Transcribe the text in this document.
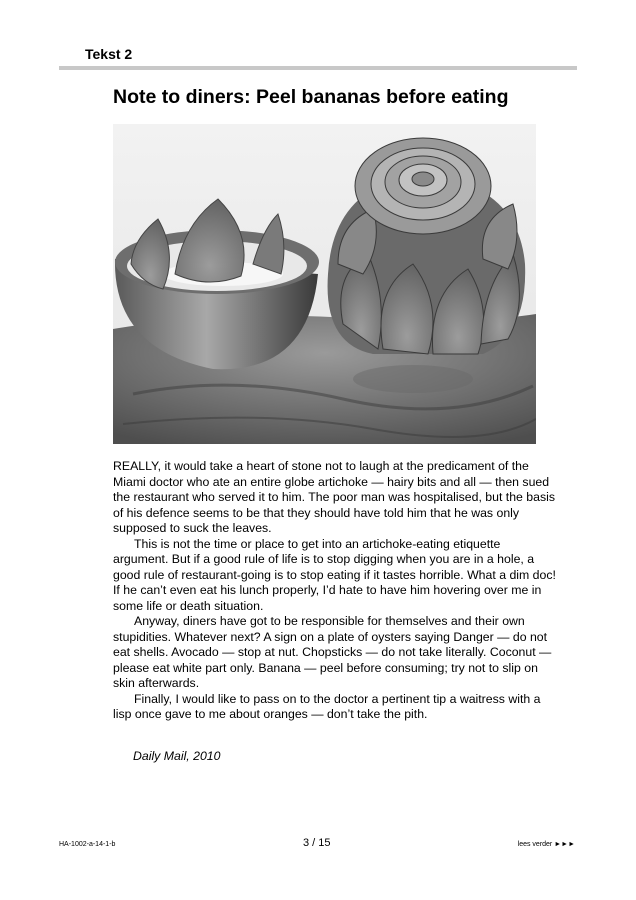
Tekst 2
Note to diners: Peel bananas before eating

REALLY, it would take a heart of stone not to laugh at the predicament of the Miami doctor who ate an entire globe artichoke — hairy bits and all — then sued the restaurant who served it to him. The poor man was hospitalised, but the basis of his defence seems to be that they should have told him that he was only supposed to suck the leaves.

This is not the time or place to get into an artichoke-eating etiquette argument. But if a good rule of life is to stop digging when you are in a hole, a good rule of restaurant-going is to stop eating if it tastes horrible. What a dim doc! If he can’t even eat his lunch properly, I’d hate to have him hovering over me in some life or death situation.

Anyway, diners have got to be responsible for themselves and their own stupidities. Whatever next? A sign on a plate of oysters saying Danger — do not eat shells. Avocado — stop at nut. Chopsticks — do not take literally. Coconut — please eat white part only. Banana — peel before consuming; try not to slip on skin afterwards.

Finally, I would like to pass on to the doctor a pertinent tip a waitress with a lisp once gave to me about oranges — don’t take the pith.

Daily Mail, 2010
HA-1002-a-14-1-b	3 / 15	lees verder ►►►
